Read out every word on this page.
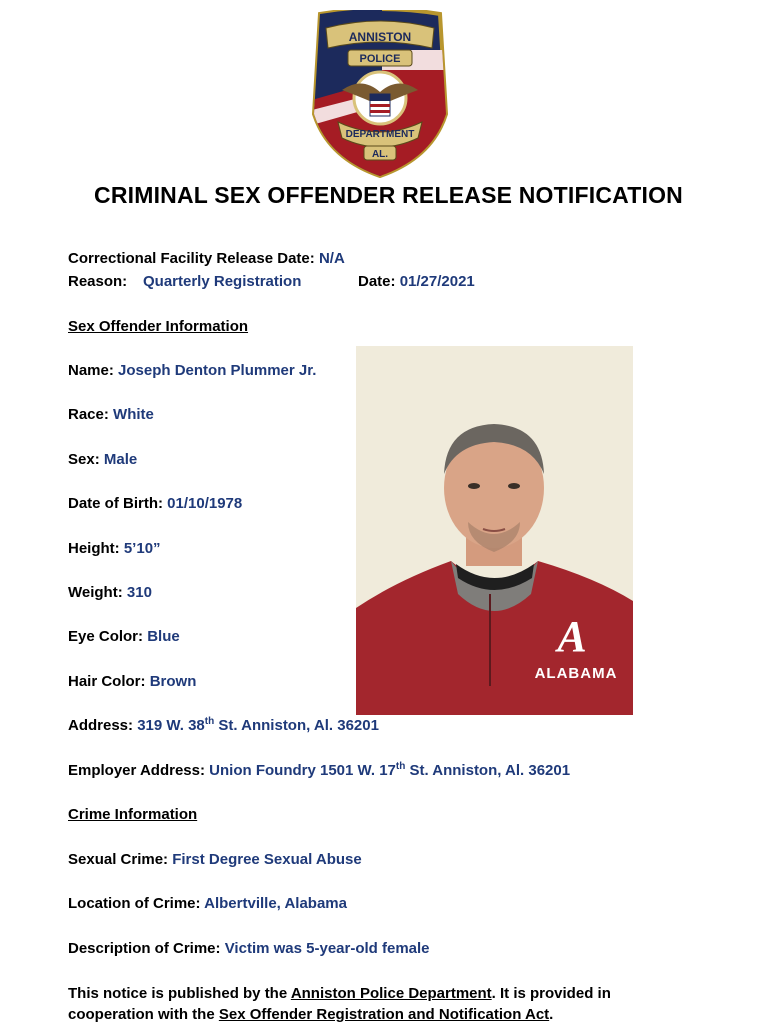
ANNISTON
POLICE
DEPARTMENT
AL.
CRIMINAL SEX OFFENDER RELEASE NOTIFICATION
Correctional Facility Release Date: N/A
Reason: Quarterly Registration	Date: 01/27/2021
Sex Offender Information
Name: Joseph Denton Plummer Jr.
Race: White
Sex: Male
Date of Birth: 01/10/1978
Height: 5’10”
Weight: 310
Eye Color: Blue
Hair Color: Brown
Address: 319 W. 38th St. Anniston, Al. 36201
Employer Address: Union Foundry 1501 W. 17th St. Anniston, Al. 36201
Crime Information
Sexual Crime: First Degree Sexual Abuse
Location of Crime: Albertville, Alabama
Description of Crime: Victim was 5-year-old female
This notice is published by the Anniston Police Department. It is provided in
cooperation with the Sex Offender Registration and Notification Act.
A
ALABAMA
